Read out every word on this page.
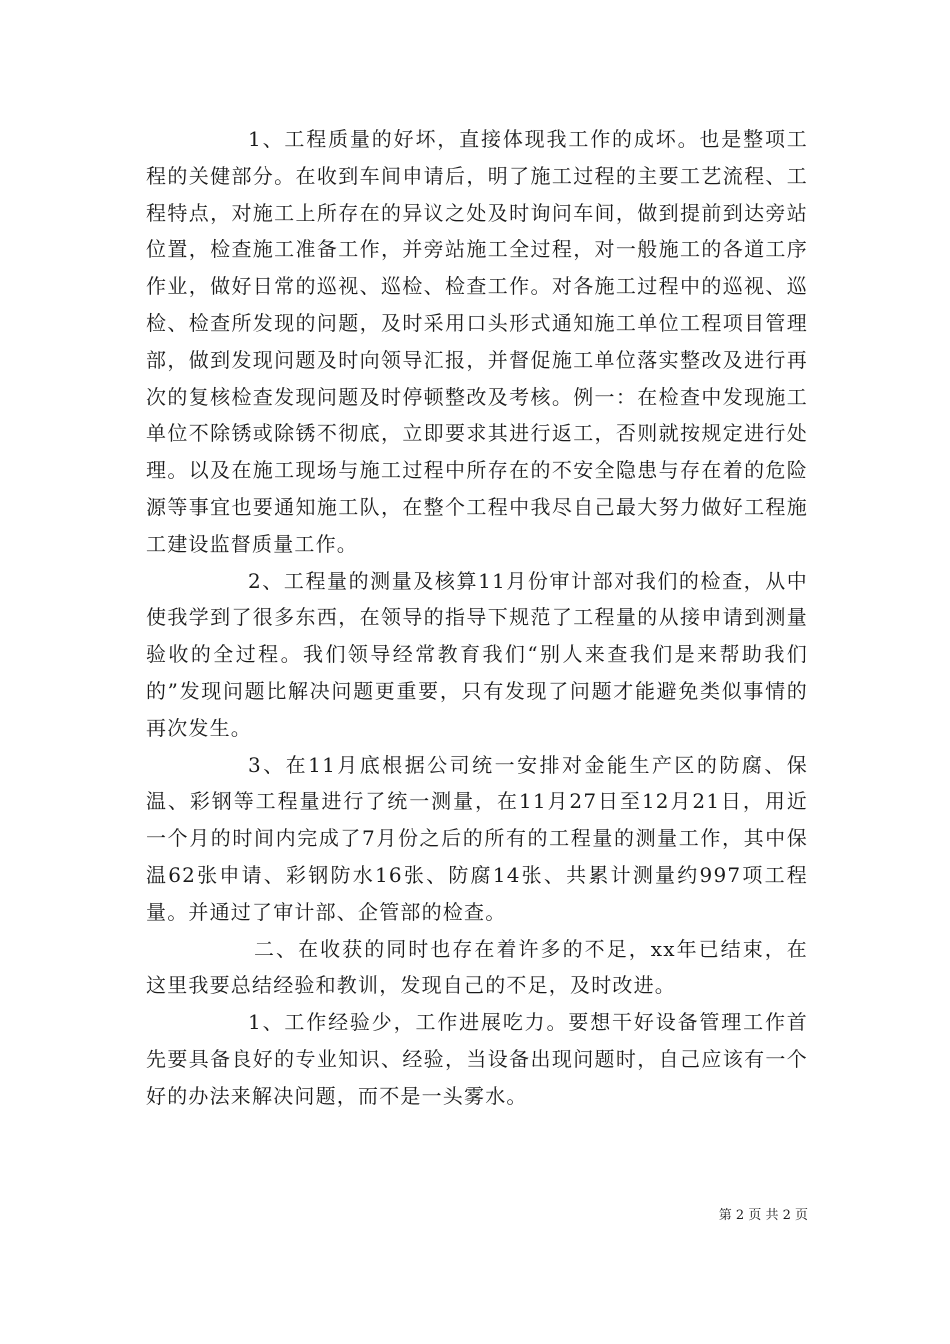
1、工程质量的好坏，直接体现我工作的成坏。也是整项工程的关健部分。在收到车间申请后，明了施工过程的主要工艺流程、工程特点，对施工上所存在的异议之处及时询问车间，做到提前到达旁站位置，检查施工准备工作，并旁站施工全过程，对一般施工的各道工序作业，做好日常的巡视、巡检、检查工作。对各施工过程中的巡视、巡检、检查所发现的问题，及时采用口头形式通知施工单位工程项目管理部，做到发现问题及时向领导汇报，并督促施工单位落实整改及进行再次的复核检查发现问题及时停顿整改及考核。例一：在检查中发现施工单位不除锈或除锈不彻底，立即要求其进行返工，否则就按规定进行处理。以及在施工现场与施工过程中所存在的不安全隐患与存在着的危险源等事宜也要通知施工队，在整个工程中我尽自己最大努力做好工程施工建设监督质量工作。

2、工程量的测量及核算11月份审计部对我们的检查，从中使我学到了很多东西，在领导的指导下规范了工程量的从接申请到测量验收的全过程。我们领导经常教育我们“别人来查我们是来帮助我们的”发现问题比解决问题更重要，只有发现了问题才能避免类似事情的再次发生。

3、在11月底根据公司统一安排对金能生产区的防腐、保温、彩钢等工程量进行了统一测量，在11月27日至12月21日，用近一个月的时间内完成了7月份之后的所有的工程量的测量工作，其中保温62张申请、彩钢防水16张、防腐14张、共累计测量约997项工程量。并通过了审计部、企管部的检查。

二、在收获的同时也存在着许多的不足，xx年已结束，在这里我要总结经验和教训，发现自己的不足，及时改进。

1、工作经验少，工作进展吃力。要想干好设备管理工作首先要具备良好的专业知识、经验，当设备出现问题时，自己应该有一个好的办法来解决问题，而不是一头雾水。

第 2 页 共 2 页
